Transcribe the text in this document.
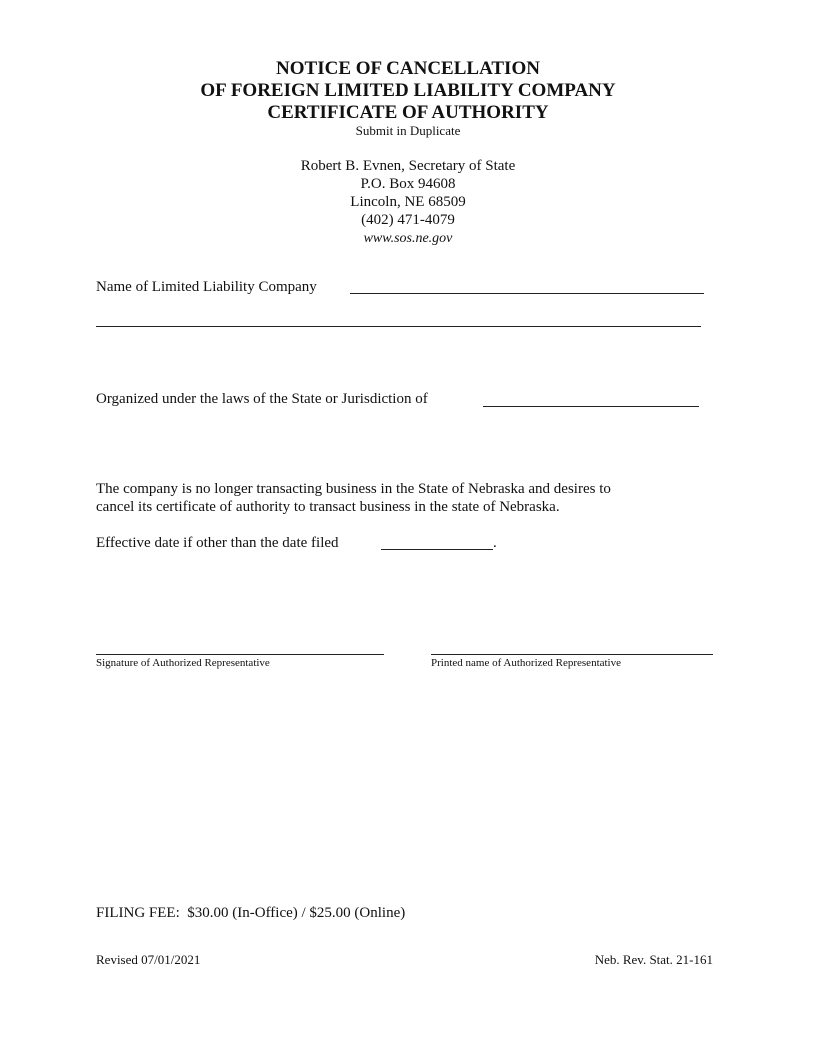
NOTICE OF CANCELLATION
OF FOREIGN LIMITED LIABILITY COMPANY
CERTIFICATE OF AUTHORITY
Submit in Duplicate
Robert B. Evnen, Secretary of State
P.O. Box 94608
Lincoln, NE 68509
(402) 471-4079
www.sos.ne.gov
Name of Limited Liability Company
Organized under the laws of the State or Jurisdiction of
The company is no longer transacting business in the State of Nebraska and desires to
cancel its certificate of authority to transact business in the state of Nebraska.
Effective date if other than the date filed	.
Signature of Authorized Representative	Printed name of Authorized Representative
FILING FEE: $30.00 (In-Office) / $25.00 (Online)
Revised 07/01/2021	Neb. Rev. Stat. 21-161
